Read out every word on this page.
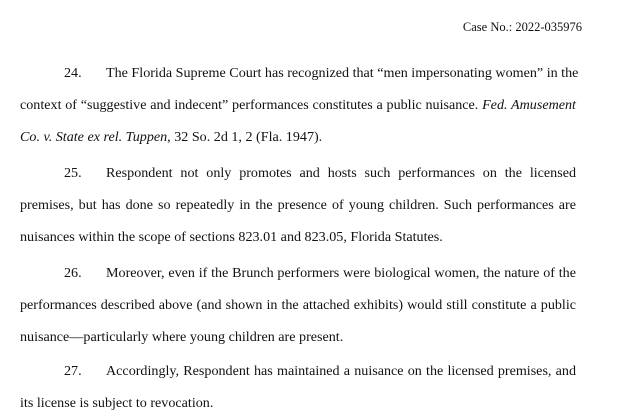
Case No.: 2022-035976
24. The Florida Supreme Court has recognized that “men impersonating women” in the
context of “suggestive and indecent” performances constitutes a public nuisance. Fed. Amusement
Co. v. State ex rel. Tuppen, 32 So. 2d 1, 2 (Fla. 1947).
25. Respondent not only promotes and hosts such performances on the licensed
premises, but has done so repeatedly in the presence of young children. Such performances are
nuisances within the scope of sections 823.01 and 823.05, Florida Statutes.
26. Moreover, even if the Brunch performers were biological women, the nature of the
performances described above (and shown in the attached exhibits) would still constitute a public
nuisance—particularly where young children are present.
27. Accordingly, Respondent has maintained a nuisance on the licensed premises, and
its license is subject to revocation.
